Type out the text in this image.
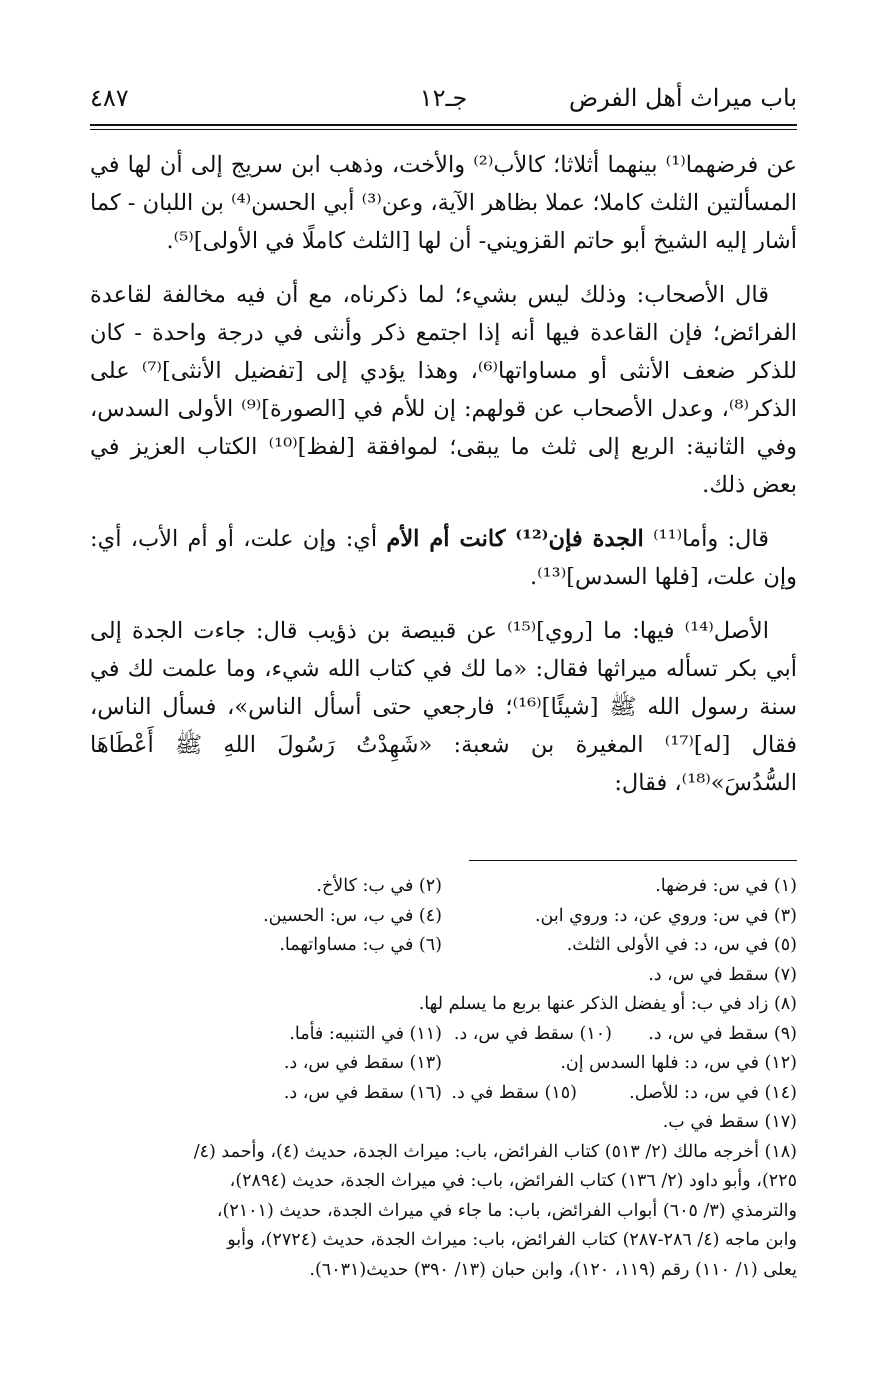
باب ميراث أهل الفرض
جـ١٢
٤٨٧

عن فرضهما⁽¹⁾ بينهما أثلاثا؛ كالأب⁽²⁾ والأخت، وذهب ابن سريج إلى أن لها في المسألتين الثلث كاملا؛ عملا بظاهر الآية، وعن⁽³⁾ أبي الحسن⁽⁴⁾ بن اللبان - كما أشار إليه الشيخ أبو حاتم القزويني- أن لها [الثلث كاملًا في الأولى]⁽⁵⁾.

قال الأصحاب: وذلك ليس بشيء؛ لما ذكرناه، مع أن فيه مخالفة لقاعدة الفرائض؛ فإن القاعدة فيها أنه إذا اجتمع ذكر وأنثى في درجة واحدة - كان للذكر ضعف الأنثى أو مساواتها⁽⁶⁾، وهذا يؤدي إلى [تفضيل الأنثى]⁽⁷⁾ على الذكر⁽⁸⁾، وعدل الأصحاب عن قولهم: إن للأم في [الصورة]⁽⁹⁾ الأولى السدس، وفي الثانية: الربع إلى ثلث ما يبقى؛ لموافقة [لفظ]⁽¹⁰⁾ الكتاب العزيز في بعض ذلك.

قال: وأما⁽¹¹⁾ الجدة فإن⁽¹²⁾ كانت أم الأم أي: وإن علت، أو أم الأب، أي: وإن علت، [فلها السدس]⁽¹³⁾.

الأصل⁽¹⁴⁾ فيها: ما [روي]⁽¹⁵⁾ عن قبيصة بن ذؤيب قال: جاءت الجدة إلى أبي بكر تسأله ميراثها فقال: «ما لك في كتاب الله شيء، وما علمت لك في سنة رسول الله ﷺ [شيئًا]⁽¹⁶⁾؛ فارجعي حتى أسأل الناس»، فسأل الناس، فقال [له]⁽¹⁷⁾ المغيرة بن شعبة: «شَهِدْتُ رَسُولَ اللهِ ﷺ أَعْطَاهَا السُّدُسَ»⁽¹⁸⁾، فقال:

(١) في س: فرضها.
(٢) في ب: كالأخ.
(٣) في س: وروي عن، د: وروي ابن.
(٤) في ب، س: الحسين.
(٥) في س، د: في الأولى الثلث.
(٦) في ب: مساواتهما.
(٧) سقط في س، د.
(٨) زاد في ب: أو يفضل الذكر عنها بربع ما يسلم لها.
(٩) سقط في س، د.
(١٠) سقط في س، د.
(١١) في التنبيه: فأما.
(١٢) في س، د: فلها السدس إن.
(١٣) سقط في س، د.
(١٤) في س، د: للأصل.
(١٥) سقط في د.
(١٦) سقط في س، د.
(١٧) سقط في ب.
(١٨) أخرجه مالك (٢/ ٥١٣) كتاب الفرائض، باب: ميراث الجدة، حديث (٤)، وأحمد (٤/
٢٢٥)، وأبو داود (٢/ ١٣٦) كتاب الفرائض، باب: في ميراث الجدة، حديث (٢٨٩٤)،
والترمذي (٣/ ٦٠٥) أبواب الفرائض، باب: ما جاء في ميراث الجدة، حديث (٢١٠١)،
وابن ماجه (٤/ ٢٨٦-٢٨٧) كتاب الفرائض، باب: ميراث الجدة، حديث (٢٧٢٤)، وأبو
يعلى (١/ ١١٠) رقم (١١٩، ١٢٠)، وابن حبان (١٣/ ٣٩٠) حديث(٦٠٣١).
